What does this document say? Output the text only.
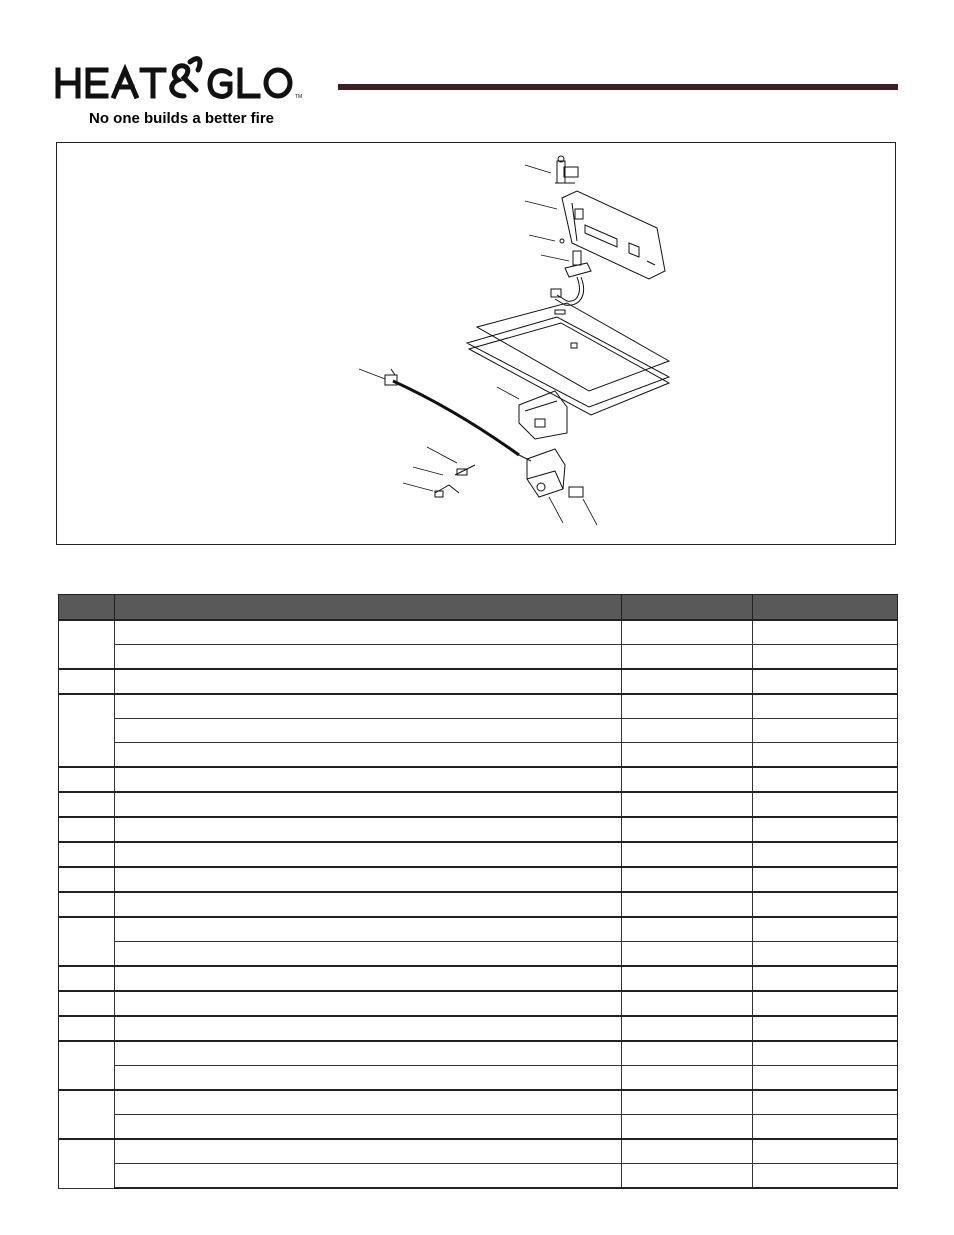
TM
No one builds a better fire
